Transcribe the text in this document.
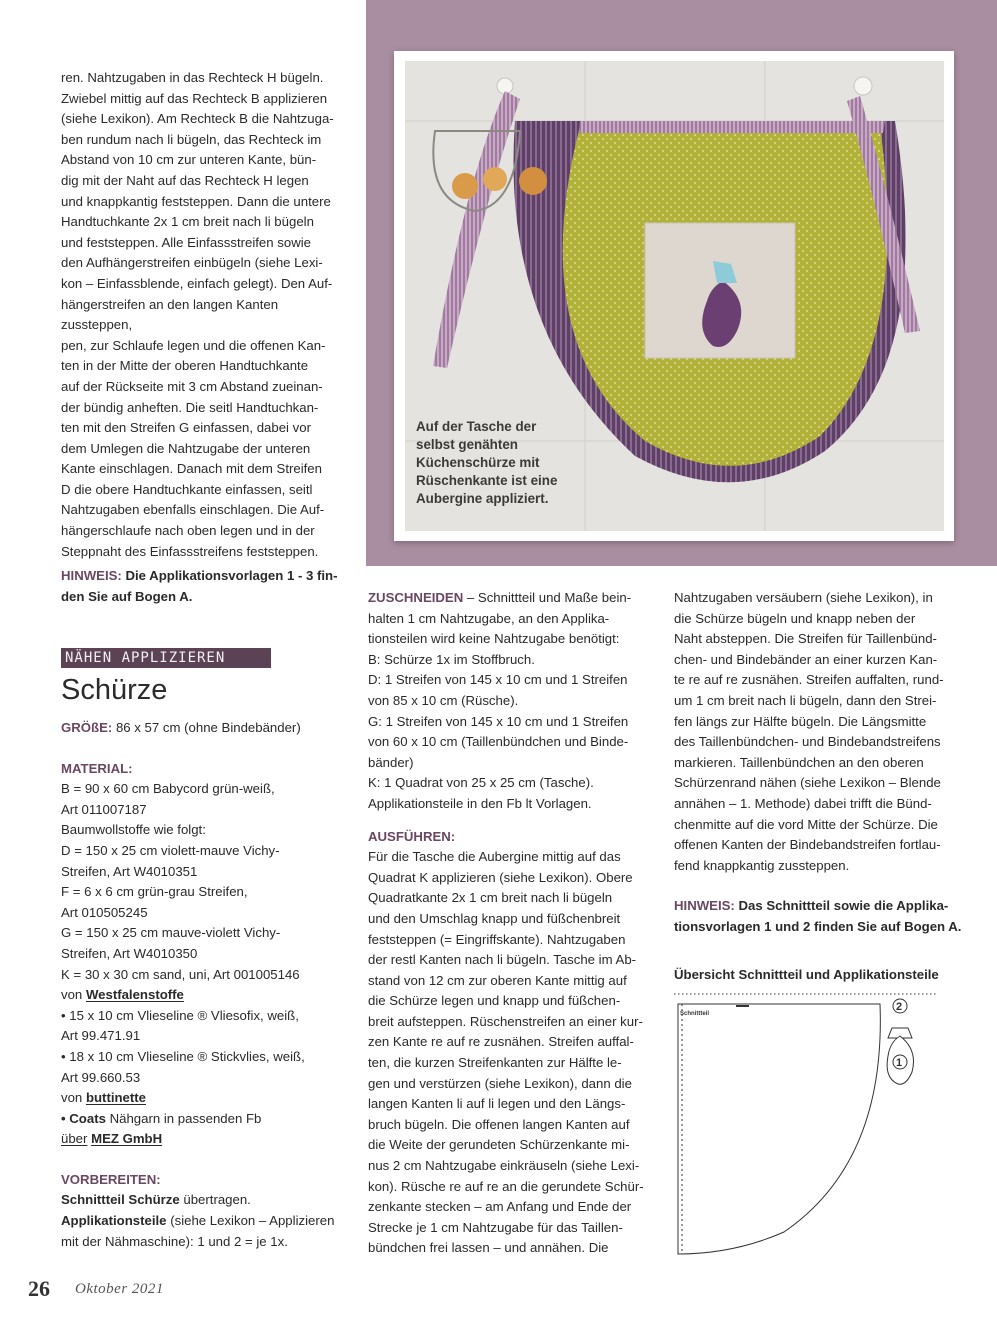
ren. Nahtzugaben in das Rechteck H bügeln.

Zwiebel mittig auf das Rechteck B applizieren

(siehe Lexikon). Am Rechteck B die Nahtzuga-

ben rundum nach li bügeln, das Rechteck im

Abstand von 10 cm zur unteren Kante, bün-

dig mit der Naht auf das Rechteck H legen

und knappkantig feststeppen. Dann die untere

Handtuchkante 2x 1 cm breit nach li bügeln

und feststeppen. Alle Einfassstreifen sowie

den Aufhängerstreifen einbügeln (siehe Lexi-

kon – Einfassblende, einfach gelegt). Den Auf-

hängerstreifen an den langen Kanten zussteppen,

pen, zur Schlaufe legen und die offenen Kan-

ten in der Mitte der oberen Handtuchkante

auf der Rückseite mit 3 cm Abstand zueinan-

der bündig anheften. Die seitl Handtuchkan-

ten mit den Streifen G einfassen, dabei vor

dem Umlegen die Nahtzugabe der unteren

Kante einschlagen. Danach mit dem Streifen

D die obere Handtuchkante einfassen, seitl

Nahtzugaben ebenfalls einschlagen. Die Auf-

hängerschlaufe nach oben legen und in der

Steppnaht des Einfassstreifens feststeppen.

HINWEIS: Die Applikationsvorlagen 1 - 3 fin-

den Sie auf Bogen A.

NÄHEN APPLIZIEREN
Schürze

GRÖßE: 86 x 57 cm (ohne Bindebänder)

MATERIAL:

B = 90 x 60 cm Babycord grün-weiß,

Art 011007187

Baumwollstoffe wie folgt:

D = 150 x 25 cm violett-mauve Vichy-

Streifen, Art W4010351

F = 6 x 6 cm grün-grau Streifen,

Art 010505245

G = 150 x 25 cm mauve-violett Vichy-

Streifen, Art W4010350

K = 30 x 30 cm sand, uni, Art 001005146

von Westfalenstoffe

• 15 x 10 cm Vlieseline ® Vliesofix, weiß,

Art 99.471.91

• 18 x 10 cm Vlieseline ® Stickvlies, weiß,

Art 99.660.53

von buttinette

• Coats Nähgarn in passenden Fb

über MEZ GmbH

VORBEREITEN:

Schnittteil Schürze übertragen.

Applikationsteile (siehe Lexikon – Applizieren

mit der Nähmaschine): 1 und 2 = je 1x.

Auf der Tasche der selbst genähten Küchenschürze mit Rüschenkante ist eine Aubergine appliziert.

ZUSCHNEIDEN – Schnittteil und Maße bein-

halten 1 cm Nahtzugabe, an den Applika-

tionsteilen wird keine Nahtzugabe benötigt:

B: Schürze 1x im Stoffbruch.

D: 1 Streifen von 145 x 10 cm und 1 Streifen

von 85 x 10 cm (Rüsche).

G: 1 Streifen von 145 x 10 cm und 1 Streifen

von 60 x 10 cm (Taillenbündchen und Binde-

bänder)

K: 1 Quadrat von 25 x 25 cm (Tasche).

Applikationsteile in den Fb lt Vorlagen.

AUSFÜHREN:

Für die Tasche die Aubergine mittig auf das

Quadrat K applizieren (siehe Lexikon). Obere

Quadratkante 2x 1 cm breit nach li bügeln

und den Umschlag knapp und füßchenbreit

feststeppen (= Eingriffskante). Nahtzugaben

der restl Kanten nach li bügeln. Tasche im Ab-

stand von 12 cm zur oberen Kante mittig auf

die Schürze legen und knapp und füßchen-

breit aufsteppen. Rüschenstreifen an einer kur-

zen Kante re auf re zusnähen. Streifen auffal-

ten, die kurzen Streifenkanten zur Hälfte le-

gen und verstürzen (siehe Lexikon), dann die

langen Kanten li auf li legen und den Längs-

bruch bügeln. Die offenen langen Kanten auf

die Weite der gerundeten Schürzenkante mi-

nus 2 cm Nahtzugabe einkräuseln (siehe Lexi-

kon). Rüsche re auf re an die gerundete Schür-

zenkante stecken – am Anfang und Ende der

Strecke je 1 cm Nahtzugabe für das Taillen-

bündchen frei lassen – und annähen. Die

Nahtzugaben versäubern (siehe Lexikon), in

die Schürze bügeln und knapp neben der

Naht absteppen. Die Streifen für Taillenbünd-

chen- und Bindebänder an einer kurzen Kan-

te re auf re zusnähen. Streifen auffalten, rund-

um 1 cm breit nach li bügeln, dann den Strei-

fen längs zur Hälfte bügeln. Die Längsmitte

des Taillenbündchen- und Bindebandstreifens

markieren. Taillenbündchen an den oberen

Schürzenrand nähen (siehe Lexikon – Blende

annähen – 1. Methode) dabei trifft die Bünd-

chenmitte auf die vord Mitte der Schürze. Die

offenen Kanten der Bindebandstreifen fortlau-

fend knappkantig zussteppen.

HINWEIS: Das Schnittteil sowie die Applika-

tionsvorlagen 1 und 2 finden Sie auf Bogen A.

Übersicht Schnittteil und Applikationsteile
Schnittteil
2
1
26 Oktober 2021
